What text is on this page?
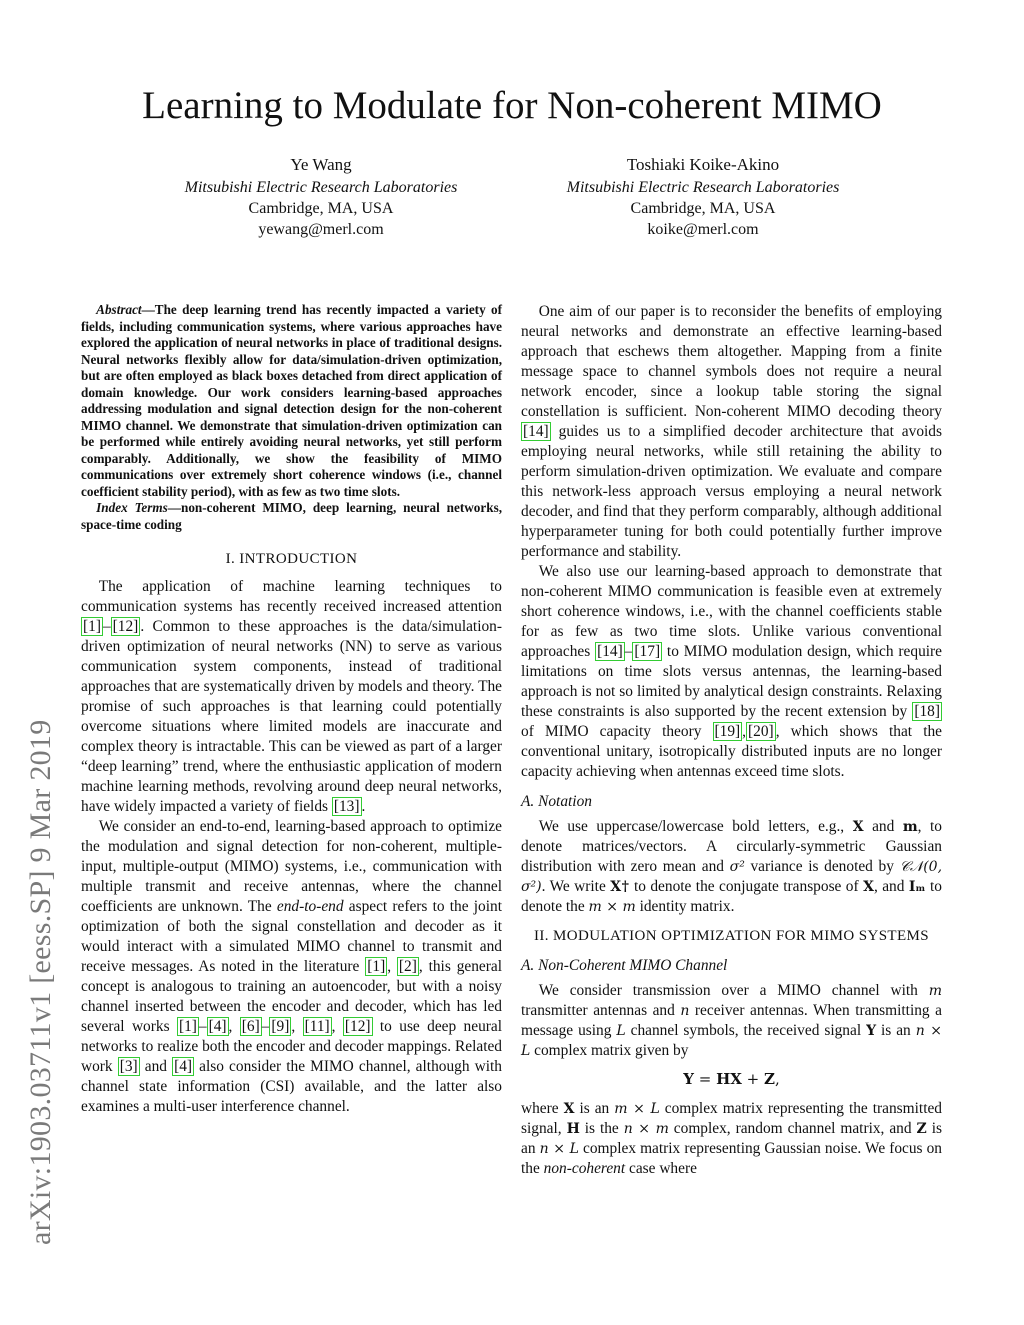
arXiv:1903.03711v1 [eess.SP] 9 Mar 2019
Learning to Modulate for Non-coherent MIMO
Ye Wang
Mitsubishi Electric Research Laboratories
Cambridge, MA, USA
yewang@merl.com
Toshiaki Koike-Akino
Mitsubishi Electric Research Laboratories
Cambridge, MA, USA
koike@merl.com

Abstract—The deep learning trend has recently impacted a variety of fields, including communication systems, where various approaches have explored the application of neural networks in place of traditional designs. Neural networks flexibly allow for data/simulation-driven optimization, but are often employed as black boxes detached from direct application of domain knowledge. Our work considers learning-based approaches addressing modulation and signal detection design for the non-coherent MIMO channel. We demonstrate that simulation-driven optimization can be performed while entirely avoiding neural networks, yet still perform comparably. Additionally, we show the feasibility of MIMO communications over extremely short coherence windows (i.e., channel coefficient stability period), with as few as two time slots.

Index Terms—non-coherent MIMO, deep learning, neural networks, space-time coding

I. INTRODUCTION

The application of machine learning techniques to communication systems has recently received increased attention [1] – [12] . Common to these approaches is the data/simulation-driven optimization of neural networks (NN) to serve as various communication system components, instead of traditional approaches that are systematically driven by models and theory. The promise of such approaches is that learning could potentially overcome situations where limited models are inaccurate and complex theory is intractable. This can be viewed as part of a larger “deep learning” trend, where the enthusiastic application of modern machine learning methods, revolving around deep neural networks, have widely impacted a variety of fields [13] .

We consider an end-to-end, learning-based approach to optimize the modulation and signal detection for non-coherent, multiple-input, multiple-output (MIMO) systems, i.e., communication with multiple transmit and receive antennas, where the channel coefficients are unknown. The end-to-end aspect refers to the joint optimization of both the signal constellation and decoder as it would interact with a simulated MIMO channel to transmit and receive messages. As noted in the literature [1] , [2] , this general concept is analogous to training an autoencoder, but with a noisy channel inserted between the encoder and decoder, which has led several works [1] – [4] , [6] – [9] , [11] , [12] to use deep neural networks to realize both the encoder and decoder mappings. Related work [3] and [4] also consider the MIMO channel, although with channel state information (CSI) available, and the latter also examines a multi-user interference channel.

One aim of our paper is to reconsider the benefits of employing neural networks and demonstrate an effective learning-based approach that eschews them altogether. Mapping from a finite message space to channel symbols does not require a neural network encoder, since a lookup table storing the signal constellation is sufficient. Non-coherent MIMO decoding theory [14] guides us to a simplified decoder architecture that avoids employing neural networks, while still retaining the ability to perform simulation-driven optimization. We evaluate and compare this network-less approach versus employing a neural network decoder, and find that they perform comparably, although additional hyperparameter tuning for both could potentially further improve performance and stability.

We also use our learning-based approach to demonstrate that non-coherent MIMO communication is feasible even at extremely short coherence windows, i.e., with the channel coefficients stable for as few as two time slots. Unlike various conventional approaches [14] – [17] to MIMO modulation design, which require limitations on time slots versus antennas, the learning-based approach is not so limited by analytical design constraints. Relaxing these constraints is also supported by the recent extension by [18] of MIMO capacity theory [19] , [20] , which shows that the conventional unitary, isotropically distributed inputs are no longer capacity achieving when antennas exceed time slots.

A. Notation

We use uppercase/lowercase bold letters, e.g., X and m, to denote matrices/vectors. A circularly-symmetric Gaussian distribution with zero mean and σ² variance is denoted by 𝒞𝒩(0, σ²). We write X† to denote the conjugate transpose of X, and Iₘ to denote the m × m identity matrix.

II. MODULATION OPTIMIZATION FOR MIMO SYSTEMS
A. Non-Coherent MIMO Channel

We consider transmission over a MIMO channel with m transmitter antennas and n receiver antennas. When transmitting a message using L channel symbols, the received signal Y is an n × L complex matrix given by

Y = HX + Z,

where X is an m × L complex matrix representing the transmitted signal, H is the n × m complex, random channel matrix, and Z is an n × L complex matrix representing Gaussian noise. We focus on the non-coherent case where
